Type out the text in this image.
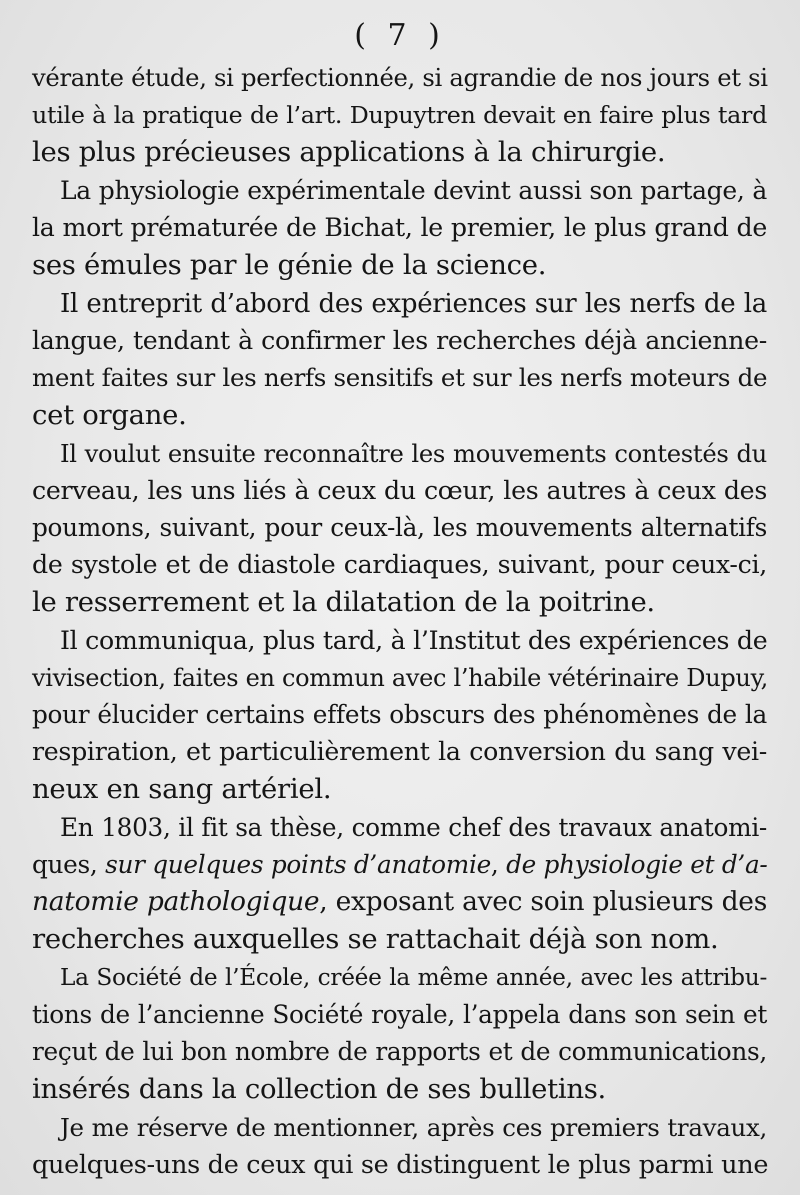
( 7 )
vérante étude, si perfectionnée, si agrandie de nos jours et si
utile à la pratique de l’art. Dupuytren devait en faire plus tard
les plus précieuses applications à la chirurgie.
La physiologie expérimentale devint aussi son partage, à
la mort prématurée de Bichat, le premier, le plus grand de
ses émules par le génie de la science.
Il entreprit d’abord des expériences sur les nerfs de la
langue, tendant à confirmer les recherches déjà ancienne-
ment faites sur les nerfs sensitifs et sur les nerfs moteurs de
cet organe.
Il voulut ensuite reconnaître les mouvements contestés du
cerveau, les uns liés à ceux du cœur, les autres à ceux des
poumons, suivant, pour ceux-là, les mouvements alternatifs
de systole et de diastole cardiaques, suivant, pour ceux-ci,
le resserrement et la dilatation de la poitrine.
Il communiqua, plus tard, à l’Institut des expériences de
vivisection, faites en commun avec l’habile vétérinaire Dupuy,
pour élucider certains effets obscurs des phénomènes de la
respiration, et particulièrement la conversion du sang vei-
neux en sang artériel.
En 1803, il fit sa thèse, comme chef des travaux anatomi-
ques, sur quelques points d’anatomie, de physiologie et d’a-
natomie pathologique, exposant avec soin plusieurs des
recherches auxquelles se rattachait déjà son nom.
La Société de l’École, créée la même année, avec les attribu-
tions de l’ancienne Société royale, l’appela dans son sein et
reçut de lui bon nombre de rapports et de communications,
insérés dans la collection de ses bulletins.
Je me réserve de mentionner, après ces premiers travaux,
quelques-uns de ceux qui se distinguent le plus parmi une
